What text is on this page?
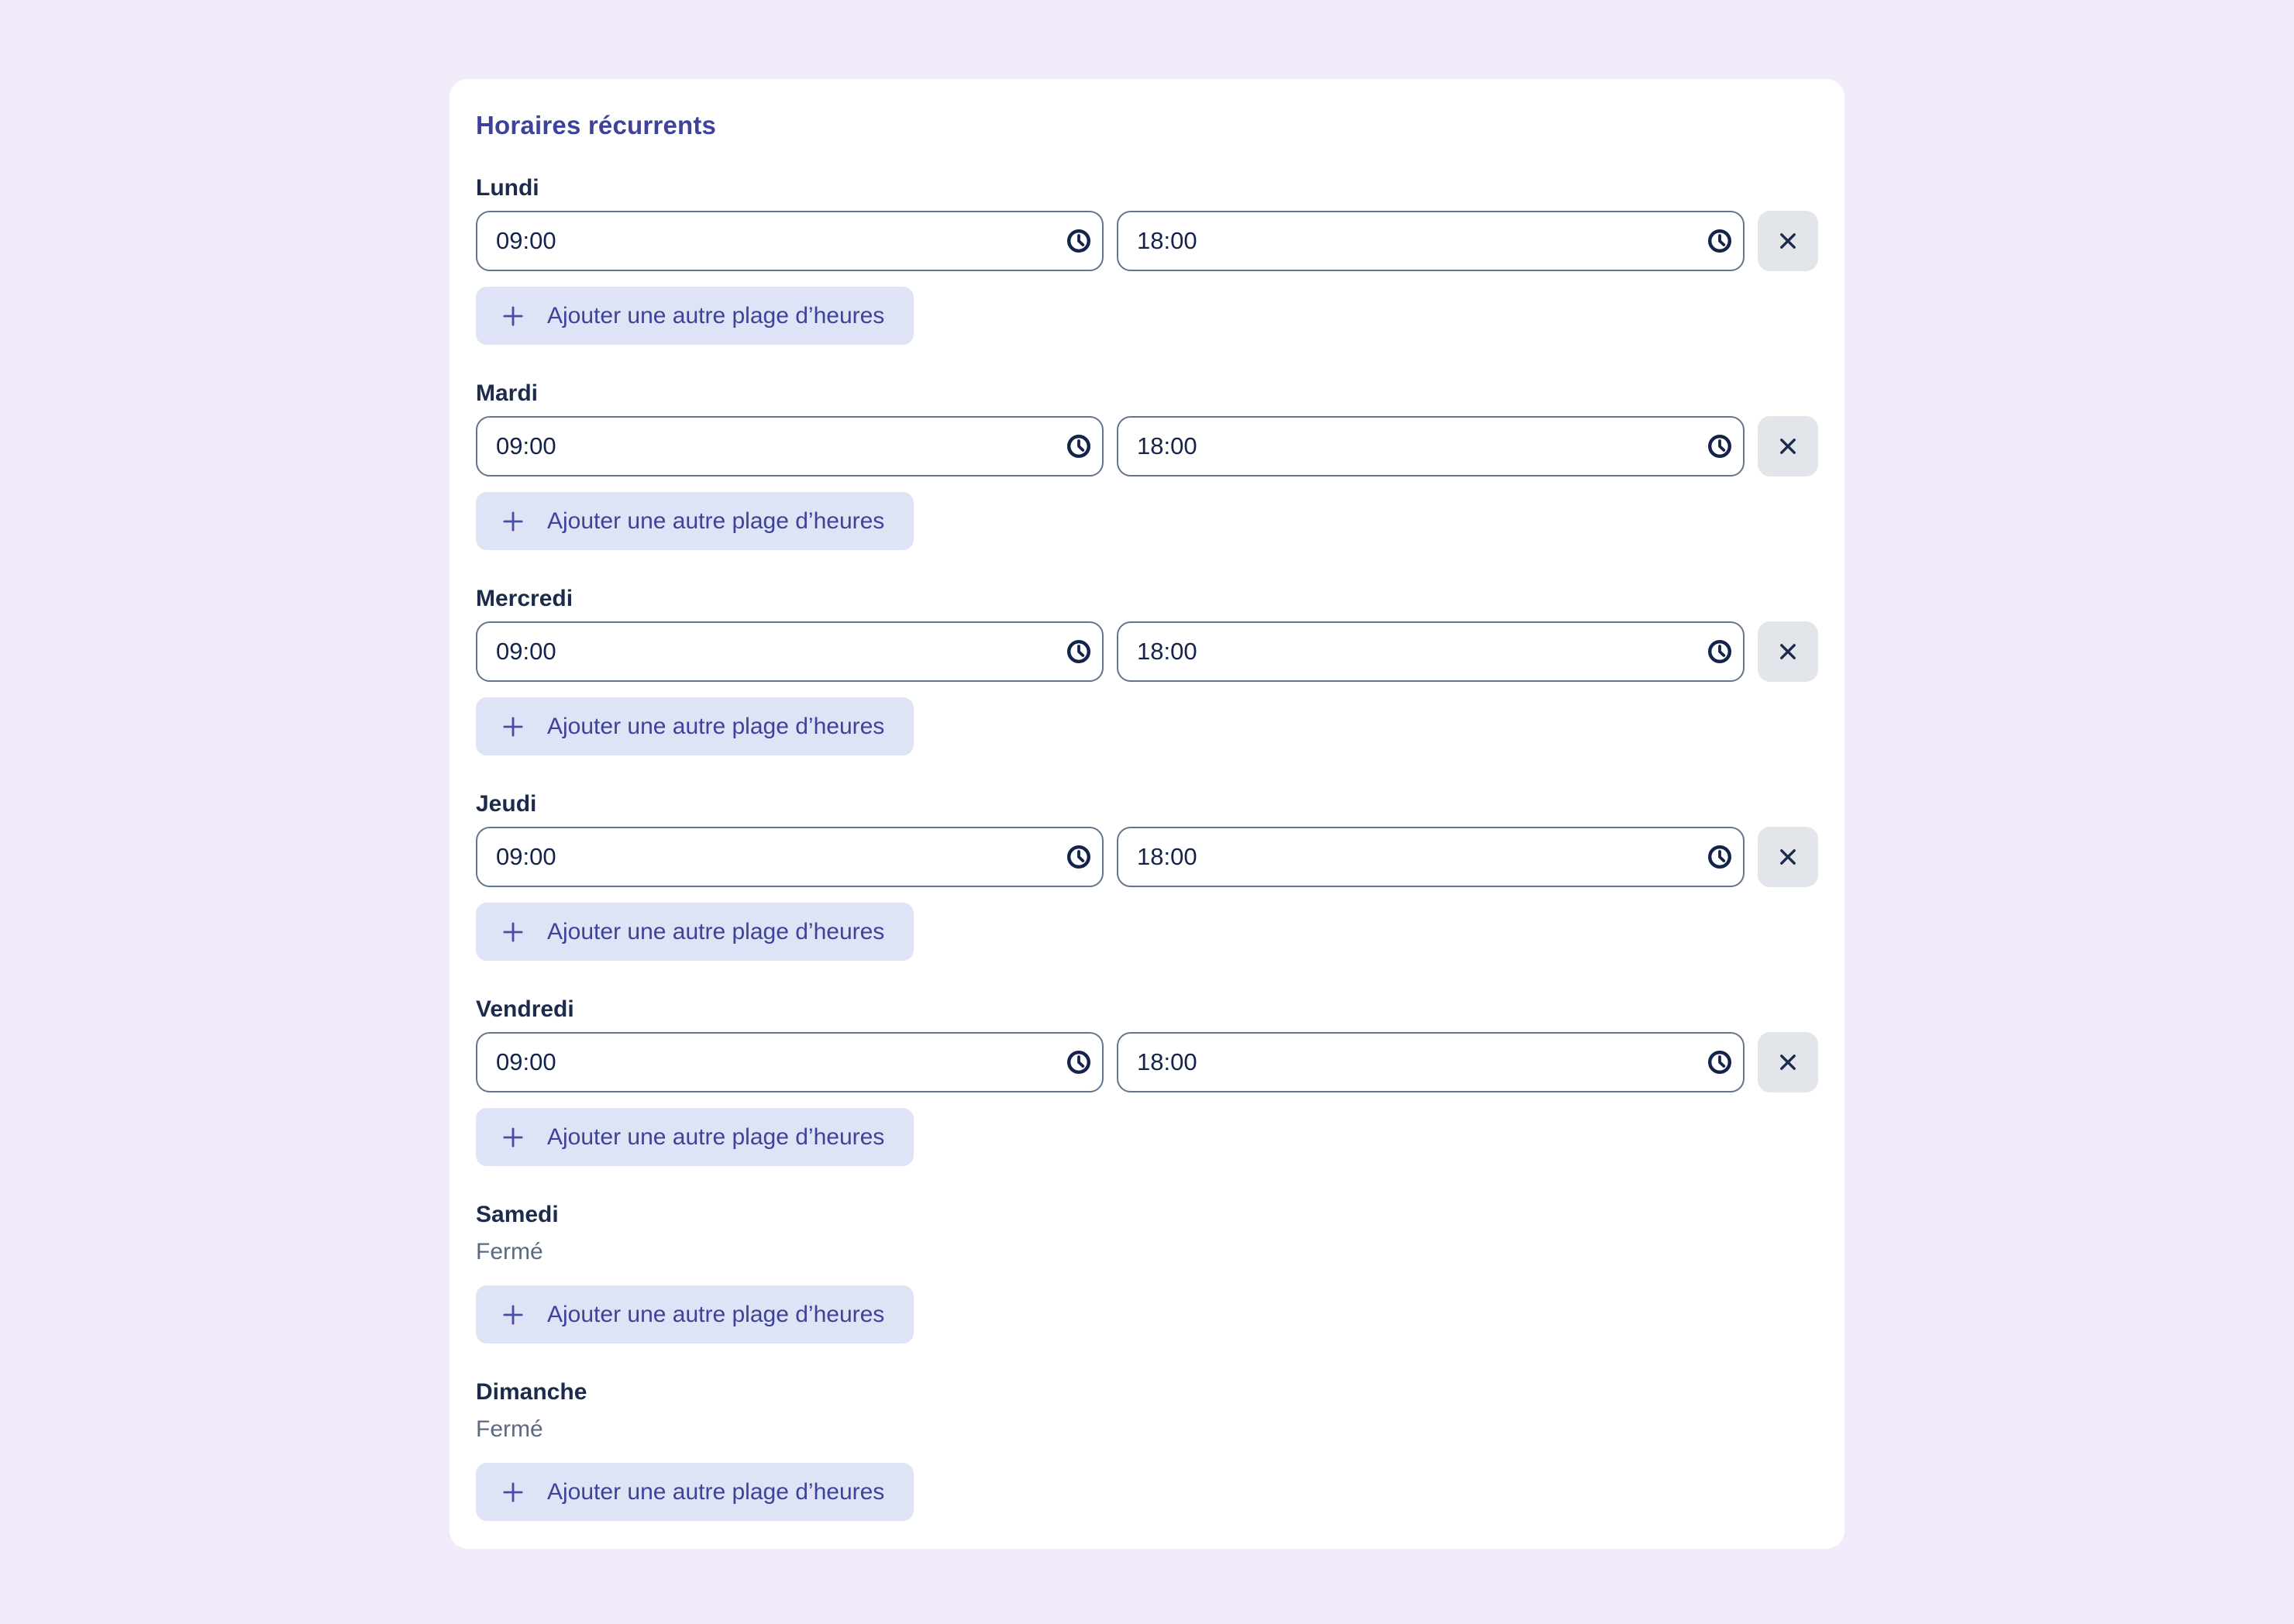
Horaires récurrents
Lundi
09:00
18:00
Ajouter une autre plage d’heures
Mardi
09:00
18:00
Ajouter une autre plage d’heures
Mercredi
09:00
18:00
Ajouter une autre plage d’heures
Jeudi
09:00
18:00
Ajouter une autre plage d’heures
Vendredi
09:00
18:00
Ajouter une autre plage d’heures
Samedi

Fermé

Ajouter une autre plage d’heures
Dimanche

Fermé

Ajouter une autre plage d’heures
